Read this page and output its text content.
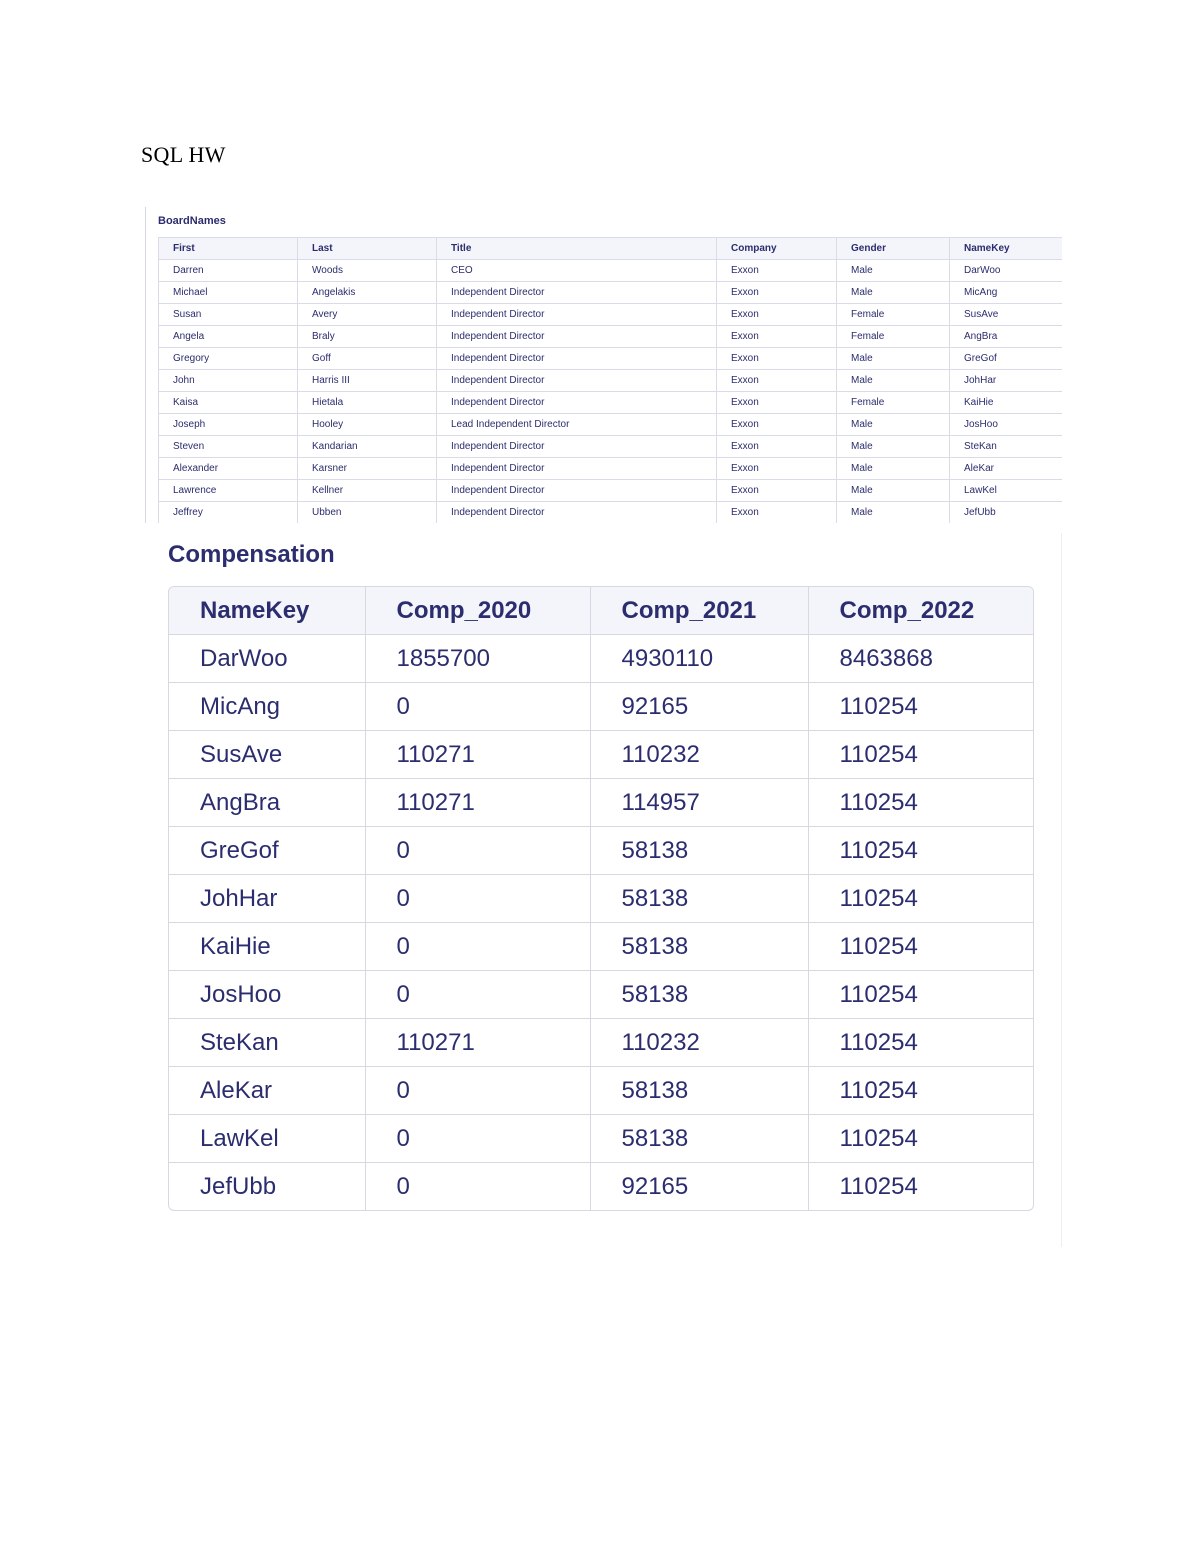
SQL HW
BoardNames
First	Last	Title	Company	Gender	NameKey
Darren	Woods	CEO	Exxon	Male	DarWoo
Michael	Angelakis	Independent Director	Exxon	Male	MicAng
Susan	Avery	Independent Director	Exxon	Female	SusAve
Angela	Braly	Independent Director	Exxon	Female	AngBra
Gregory	Goff	Independent Director	Exxon	Male	GreGof
John	Harris III	Independent Director	Exxon	Male	JohHar
Kaisa	Hietala	Independent Director	Exxon	Female	KaiHie
Joseph	Hooley	Lead Independent Director	Exxon	Male	JosHoo
Steven	Kandarian	Independent Director	Exxon	Male	SteKan
Alexander	Karsner	Independent Director	Exxon	Male	AleKar
Lawrence	Kellner	Independent Director	Exxon	Male	LawKel
Jeffrey	Ubben	Independent Director	Exxon	Male	JefUbb
Compensation
NameKey	Comp_2020	Comp_2021	Comp_2022
DarWoo	1855700	4930110	8463868
MicAng	0	92165	110254
SusAve	110271	110232	110254
AngBra	110271	114957	110254
GreGof	0	58138	110254
JohHar	0	58138	110254
KaiHie	0	58138	110254
JosHoo	0	58138	110254
SteKan	110271	110232	110254
AleKar	0	58138	110254
LawKel	0	58138	110254
JefUbb	0	92165	110254
